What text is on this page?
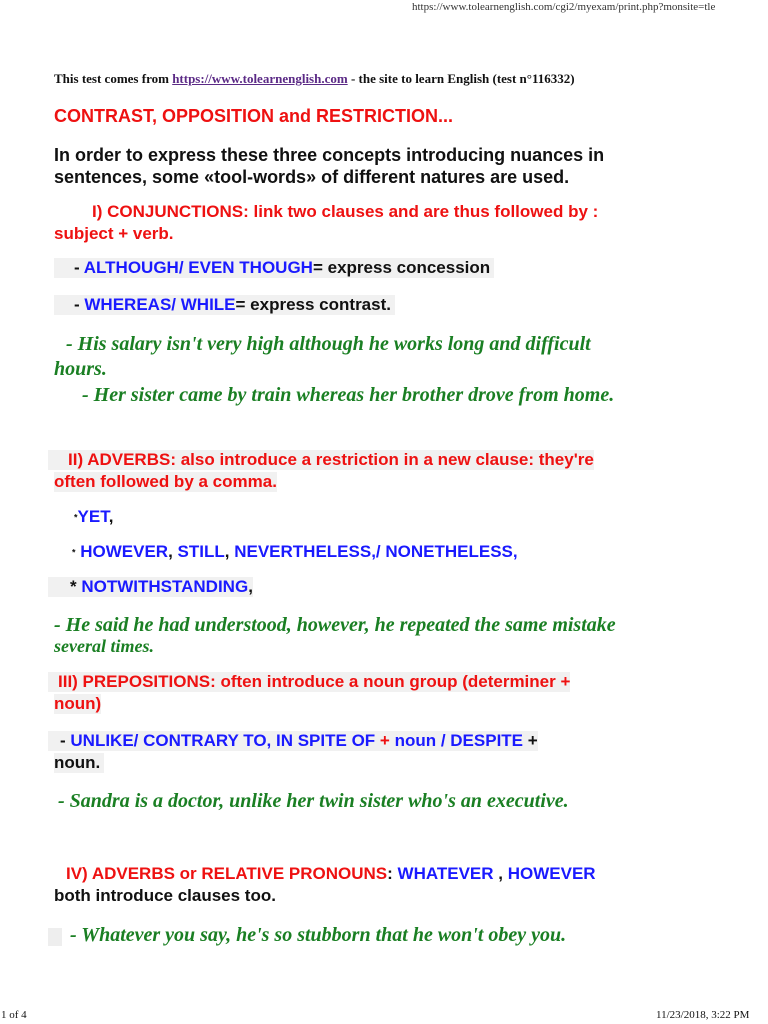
https://www.tolearnenglish.com/cgi2/myexam/print.php?monsite=tle
This test comes from https://www.tolearnenglish.com - the site to learn English (test n°116332)
CONTRAST, OPPOSITION and RESTRICTION...
In order to express these three concepts introducing nuances in
sentences, some «tool-words» of different natures are used.
I) CONJUNCTIONS: link two clauses and are thus followed by :
subject + verb.
- ALTHOUGH/ EVEN THOUGH= express concession
- WHEREAS/ WHILE= express contrast.
- His salary isn't very high although he works long and difficult
hours.
- Her sister came by train whereas her brother drove from home.
II) ADVERBS: also introduce a restriction in a new clause: they're
often followed by a comma.
*YET,
* HOWEVER, STILL, NEVERTHELESS,/ NONETHELESS,
* NOTWITHSTANDING,
- He said he had understood, however, he repeated the same mistake
several times.
III) PREPOSITIONS: often introduce a noun group (determiner +
noun)
- UNLIKE/ CONTRARY TO, IN SPITE OF + noun / DESPITE +
noun.
- Sandra is a doctor, unlike her twin sister who's an executive.
IV) ADVERBS or RELATIVE PRONOUNS: WHATEVER , HOWEVER
both introduce clauses too.
- Whatever you say, he's so stubborn that he won't obey you.
1 of 4	11/23/2018, 3:22 PM
